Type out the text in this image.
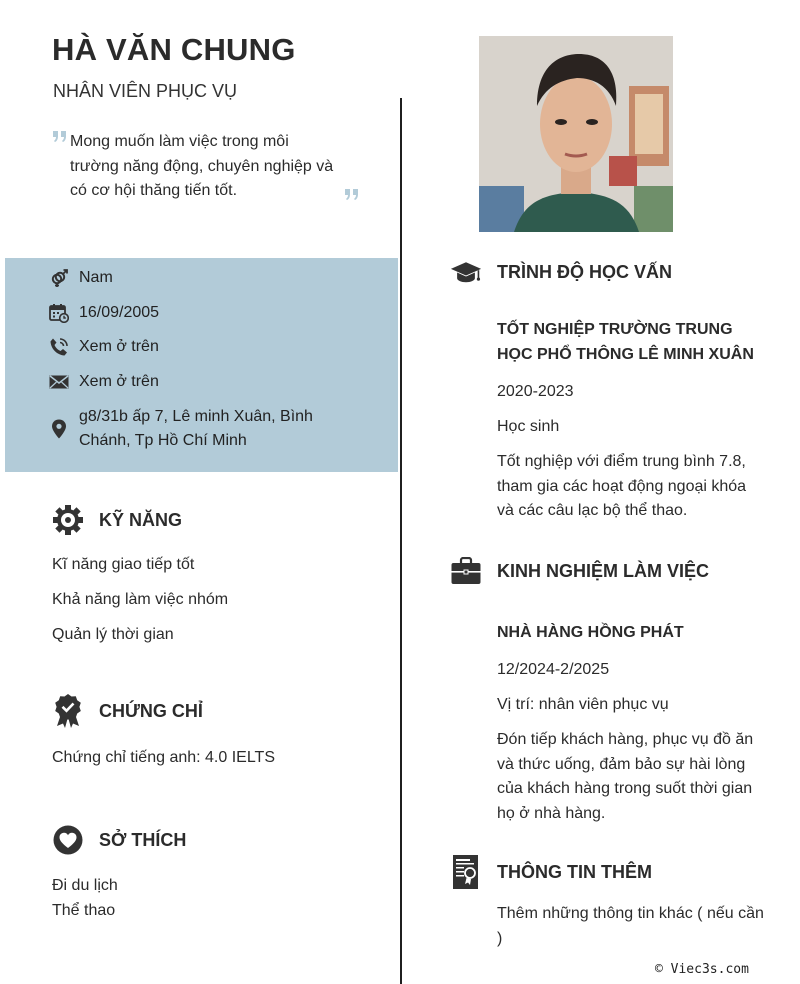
HÀ VĂN CHUNG
NHÂN VIÊN PHỤC VỤ
Mong muốn làm việc trong môi trường năng động, chuyên nghiệp và có cơ hội thăng tiến tốt.
Nam
16/09/2005
Xem ở trên
Xem ở trên
g8/31b ấp 7, Lê minh Xuân, Bình Chánh, Tp Hồ Chí Minh
KỸ NĂNG
Kĩ năng giao tiếp tốt
Khả năng làm việc nhóm
Quản lý thời gian
CHỨNG CHỈ
Chứng chỉ tiếng anh: 4.0 IELTS
SỞ THÍCH
Đi du lịch
Thể thao
TRÌNH ĐỘ HỌC VẤN
TỐT NGHIỆP TRƯỜNG TRUNG HỌC PHỔ THÔNG LÊ MINH XUÂN
2020-2023
Học sinh
Tốt nghiệp với điểm trung bình 7.8, tham gia các hoạt động ngoại khóa và các câu lạc bộ thể thao.
KINH NGHIỆM LÀM VIỆC
NHÀ HÀNG HỒNG PHÁT
12/2024-2/2025
Vị trí: nhân viên phục vụ
Đón tiếp khách hàng, phục vụ đồ ăn và thức uống, đảm bảo sự hài lòng của khách hàng trong suốt thời gian họ ở nhà hàng.
THÔNG TIN THÊM
Thêm những thông tin khác ( nếu cần )
© Viec3s.com
